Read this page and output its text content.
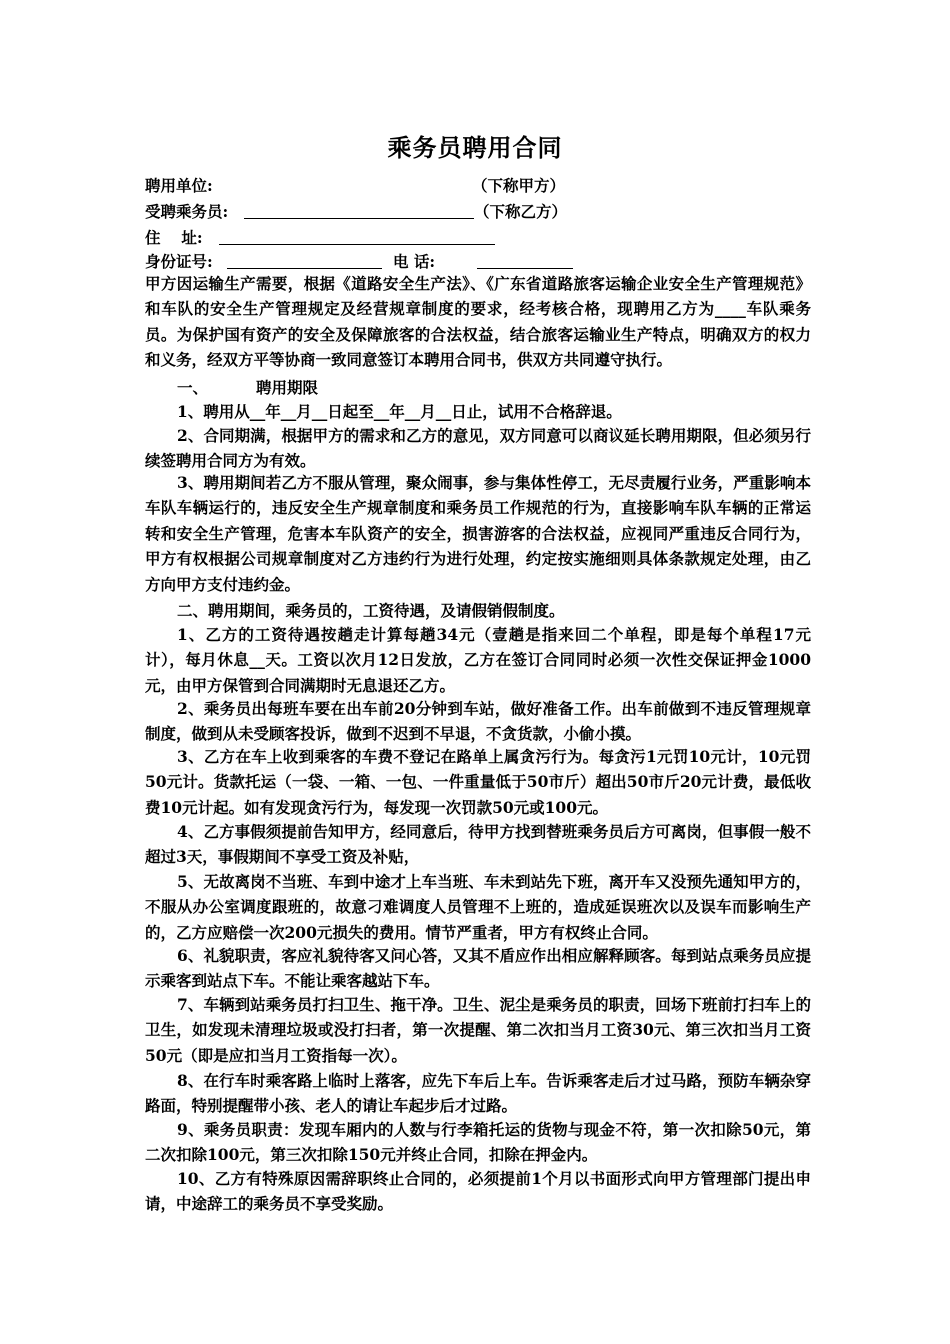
乘务员聘用合同
聘用单位:	（下称甲方）
受聘乘务员:	（下称乙方）
住　 址:
身份证号:	电 话:
甲方因运输生产需要，根据《道路安全生产法》、《广东省道路旅客运输企业安全生产管理规范》和车队的安全生产管理规定及经营规章制度的要求，经考核合格，现聘用乙方为____车队乘务员。为保护国有资产的安全及保障旅客的合法权益，结合旅客运输业生产特点，明确双方的权力和义务，经双方平等协商一致同意签订本聘用合同书，供双方共同遵守执行。
一、	聘用期限
1、聘用从__年__月__日起至__年__月__日止，试用不合格辞退。
2、合同期满，根据甲方的需求和乙方的意见，双方同意可以商议延长聘用期限，但必须另行续签聘用合同方为有效。
3、聘用期间若乙方不服从管理，聚众闹事，参与集体性停工，无尽责履行业务，严重影响本车队车辆运行的，违反安全生产规章制度和乘务员工作规范的行为，直接影响车队车辆的正常运转和安全生产管理，危害本车队资产的安全，损害游客的合法权益，应视同严重违反合同行为，甲方有权根据公司规章制度对乙方违约行为进行处理，约定按实施细则具体条款规定处理，由乙方向甲方支付违约金。
二、聘用期间，乘务员的，工资待遇，及请假销假制度。
1、乙方的工资待遇按趟走计算每趟34元（壹趟是指来回二个单程，即是每个单程17元计），每月休息__天。工资以次月12日发放，乙方在签订合同同时必须一次性交保证押金1000元，由甲方保管到合同满期时无息退还乙方。
2、乘务员出每班车要在出车前20分钟到车站，做好准备工作。出车前做到不违反管理规章制度，做到从未受顾客投诉，做到不迟到不早退，不贪货款，小偷小摸。
3、乙方在车上收到乘客的车费不登记在路单上属贪污行为。每贪污1元罚10元计，10元罚50元计。货款托运（一袋、一箱、一包、一件重量低于50市斤）超出50市斤20元计费，最低收费10元计起。如有发现贪污行为，每发现一次罚款50元或100元。
4、乙方事假须提前告知甲方，经同意后，待甲方找到替班乘务员后方可离岗，但事假一般不超过3天，事假期间不享受工资及补贴，
5、无故离岗不当班、车到中途才上车当班、车未到站先下班，离开车又没预先通知甲方的，不服从办公室调度跟班的，故意刁难调度人员管理不上班的，造成延误班次以及误车而影响生产的，乙方应赔偿一次200元损失的费用。情节严重者，甲方有权终止合同。
6、礼貌职责，客应礼貌待客又问心答，又其不盾应作出相应解释顾客。每到站点乘务员应提示乘客到站点下车。不能让乘客越站下车。
7、车辆到站乘务员打扫卫生、拖干净。卫生、泥尘是乘务员的职责，回场下班前打扫车上的卫生，如发现未清理垃圾或没打扫者，第一次提醒、第二次扣当月工资30元、第三次扣当月工资50元（即是应扣当月工资指每一次）。
8、在行车时乘客路上临时上落客，应先下车后上车。告诉乘客走后才过马路，预防车辆杂穿路面，特别提醒带小孩、老人的请让车起步后才过路。
9、乘务员职责：发现车厢内的人数与行李箱托运的货物与现金不符，第一次扣除50元，第二次扣除100元，第三次扣除150元并终止合同，扣除在押金内。
10、乙方有特殊原因需辞职终止合同的，必须提前1个月以书面形式向甲方管理部门提出申请，中途辞工的乘务员不享受奖励。
